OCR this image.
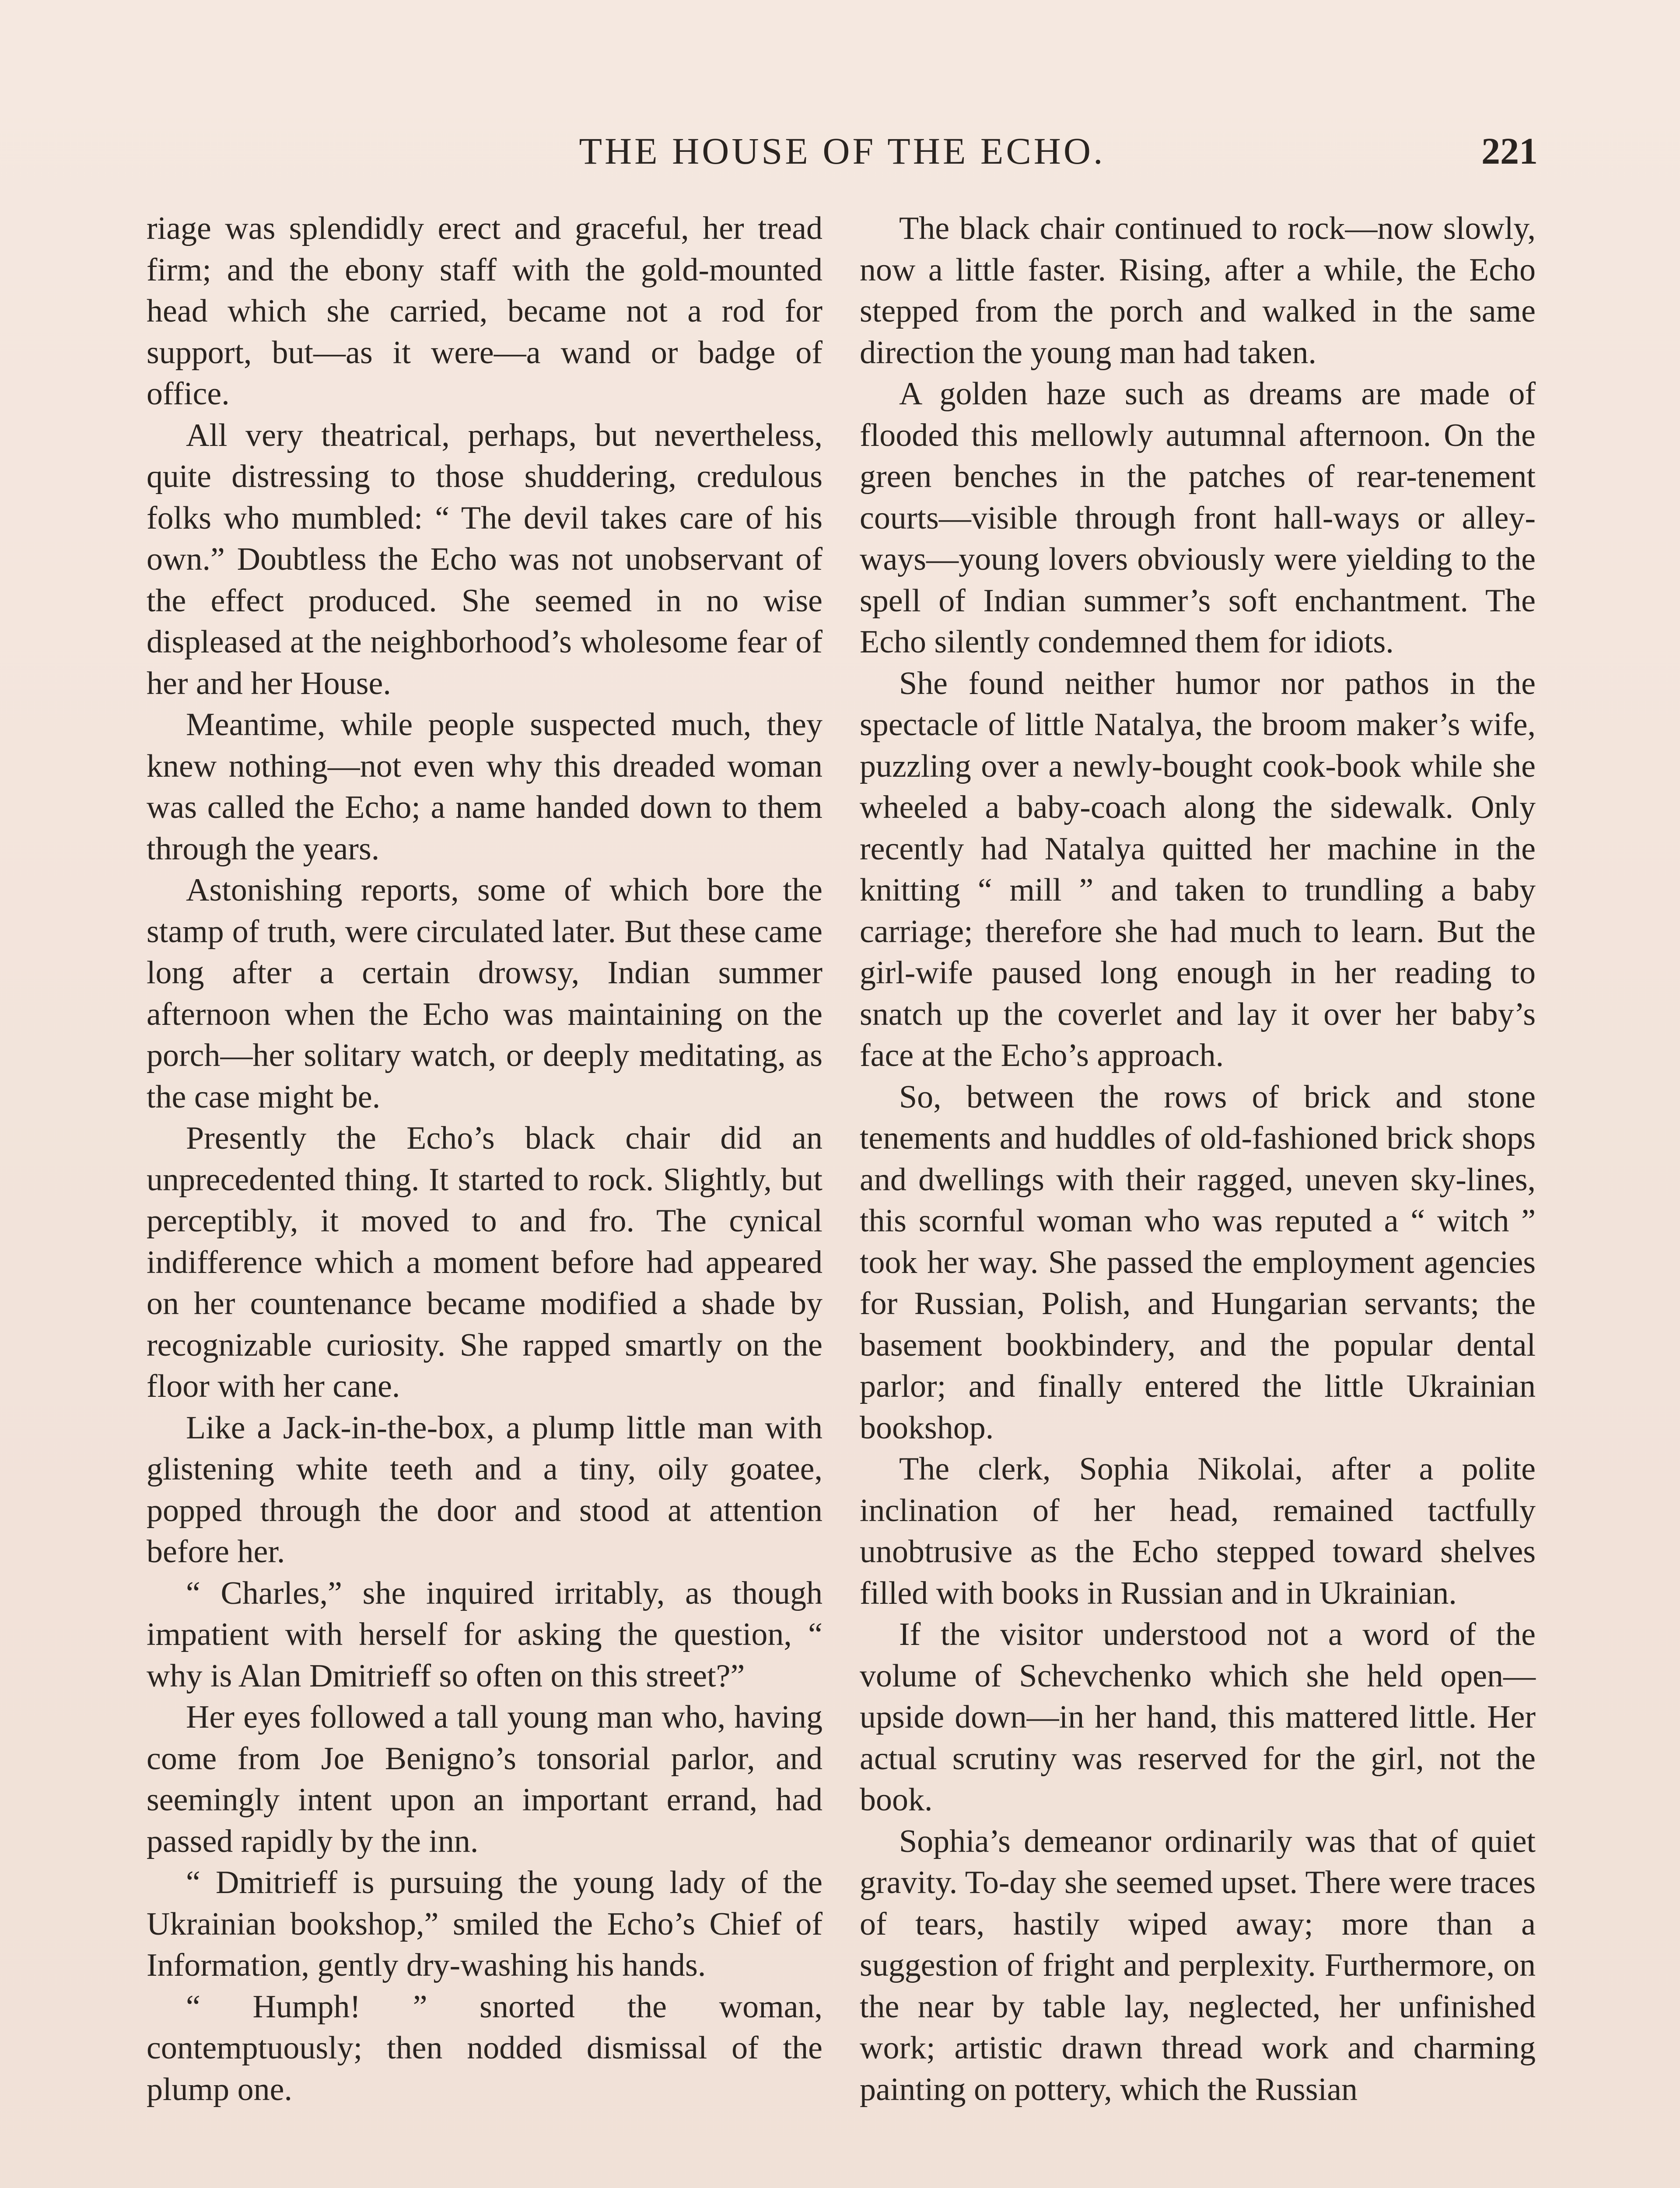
THE HOUSE OF THE ECHO.	221

riage was splendidly erect and graceful, her tread firm; and the ebony staff with the gold-mounted head which she carried, became not a rod for support, but—as it were—a wand or badge of office.

All very theatrical, perhaps, but nevertheless, quite distressing to those shuddering, credulous folks who mumbled: “ The devil takes care of his own.” Doubtless the Echo was not unobservant of the effect produced. She seemed in no wise displeased at the neighborhood’s wholesome fear of her and her House.

Meantime, while people suspected much, they knew nothing—not even why this dreaded woman was called the Echo; a name handed down to them through the years.

Astonishing reports, some of which bore the stamp of truth, were circulated later. But these came long after a certain drowsy, Indian summer afternoon when the Echo was maintaining on the porch—her solitary watch, or deeply meditating, as the case might be.

Presently the Echo’s black chair did an unprecedented thing. It started to rock. Slightly, but perceptibly, it moved to and fro. The cynical indifference which a moment before had appeared on her countenance became modified a shade by recognizable curiosity. She rapped smartly on the floor with her cane.

Like a Jack-in-the-box, a plump little man with glistening white teeth and a tiny, oily goatee, popped through the door and stood at attention before her.

“ Charles,” she inquired irritably, as though impatient with herself for asking the question, “ why is Alan Dmitrieff so often on this street?”

Her eyes followed a tall young man who, having come from Joe Benigno’s tonsorial parlor, and seemingly intent upon an important errand, had passed rapidly by the inn.

“ Dmitrieff is pursuing the young lady of the Ukrainian bookshop,” smiled the Echo’s Chief of Information, gently dry-washing his hands.

“ Humph! ” snorted the woman, contemptuously; then nodded dismissal of the plump one.

The black chair continued to rock—now slowly, now a little faster. Rising, after a while, the Echo stepped from the porch and walked in the same direction the young man had taken.

A golden haze such as dreams are made of flooded this mellowly autumnal afternoon. On the green benches in the patches of rear-tenement courts—visible through front hall-ways or alley-ways—young lovers obviously were yielding to the spell of Indian summer’s soft enchantment. The Echo silently condemned them for idiots.

She found neither humor nor pathos in the spectacle of little Natalya, the broom maker’s wife, puzzling over a newly-bought cook-book while she wheeled a baby-coach along the sidewalk. Only recently had Natalya quitted her machine in the knitting “ mill ” and taken to trundling a baby carriage; therefore she had much to learn. But the girl-wife paused long enough in her reading to snatch up the coverlet and lay it over her baby’s face at the Echo’s approach.

So, between the rows of brick and stone tenements and huddles of old-fashioned brick shops and dwellings with their ragged, uneven sky-lines, this scornful woman who was reputed a “ witch ” took her way. She passed the employment agencies for Russian, Polish, and Hungarian servants; the basement bookbindery, and the popular dental parlor; and finally entered the little Ukrainian bookshop.

The clerk, Sophia Nikolai, after a polite inclination of her head, remained tactfully unobtrusive as the Echo stepped toward shelves filled with books in Russian and in Ukrainian.

If the visitor understood not a word of the volume of Schevchenko which she held open—upside down—in her hand, this mattered little. Her actual scrutiny was reserved for the girl, not the book.

Sophia’s demeanor ordinarily was that of quiet gravity. To-day she seemed upset. There were traces of tears, hastily wiped away; more than a suggestion of fright and perplexity. Furthermore, on the near by table lay, neglected, her unfinished work; artistic drawn thread work and charming painting on pottery, which the Russian
